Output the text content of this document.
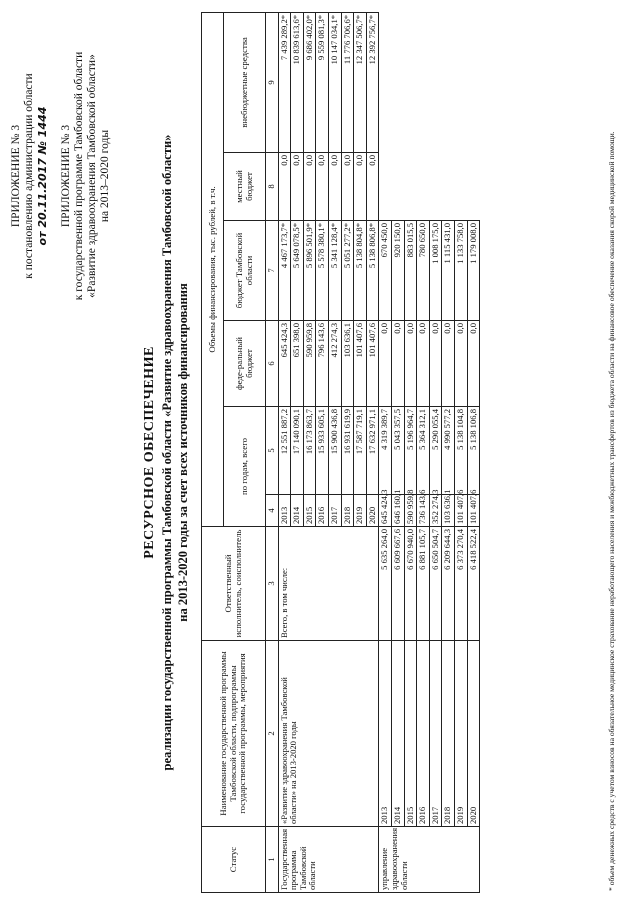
ПРИЛОЖЕНИЕ № 3 к постановлению администрации области от 20.11.2017 № 1444 ПРИЛОЖЕНИЕ № 3 к государственной программе Тамбовской области «Развитие здравоохранения Тамбовской области» на 2013–2020 годы
РЕСУРСНОЕ ОБЕСПЕЧЕНИЕ реализации государственной программы Тамбовской области «Развитие здравоохранения Тамбовской области» на 2013-2020 годы за счет всех источников финансирования
Статус	Наименование государственной программы Тамбовской области, подпрограммы государственной программы, мероприятия	Ответственный исполнитель, соисполнитель	Объемы финансирования, тыс. рублей, в т.ч.					
			по годам, всего		феде-ральный бюджет	бюджет Тамбовской области	местный бюджет	внебюджетные средства
1	2	3	4	5	6	7	8	9
Государственная программа Тамбовской области	«Развитие здравоохранения Тамбовской области» на 2013-2020 годы	Всего, в том числе:	2013	12 551 887,2	645 424,3	4 467 173,7*	0,0	7 439 289,2*
			2014	17 140 090,1	651 398,0	5 649 078,5*	0,0	10 839 613,6*
			2015	16 173 863,7	590 959,8	5 896 501,9*	0,0	9 686 402,0*
			2016	15 933 605,1	796 143,6	5 578 380,1*	0,0	9 559 081,3*
			2017	15 900 436,8	412 274,3	5 341 128,4*	0,0	10 147 034,1*
			2018	16 931 619,9	103 636,1	5 051 277,2*	0,0	11 776 706,6*
			2019	17 587 719,1	101 407,6	5 138 804,8*	0,0	12 347 506,7*
			2020	17 632 971,1	101 407,6	5 138 806,8*	0,0	12 392 756,7*
управление здравоохранения области	2013	5 635 264,0	645 424,3	4 319 389,7	0,0	670 450,0		
	2014	6 609 667,6	646 160,1	5 043 357,5	0,0	920 150,0		
	2015	6 670 940,0	590 959,8	5 196 964,7	0,0	883 015,5		
	2016	6 881 105,7	736 143,6	5 364 312,1	0,0	780 650,0		
	2017	6 650 504,7	352 274,3	5 290 055,4	0,0	1 008 175,0		
	2018	6 209 644,3	103 636,1	4 990 577,2	0,0	1 115 431,0		
	2019	6 373 270,4	101 407,6	5 138 104,8	0,0	1 133 758,0		
	2020	6 418 522,4	101 407,6	5 138 106,8	0,0	1 179 008,0			* объем денежных средств с учетом взносов на обязательное медицинское страхование неработающего населения и межбюджетных трансфертов из бюджета области на финансовое обеспечение оказания скорой медицинской помощи.
